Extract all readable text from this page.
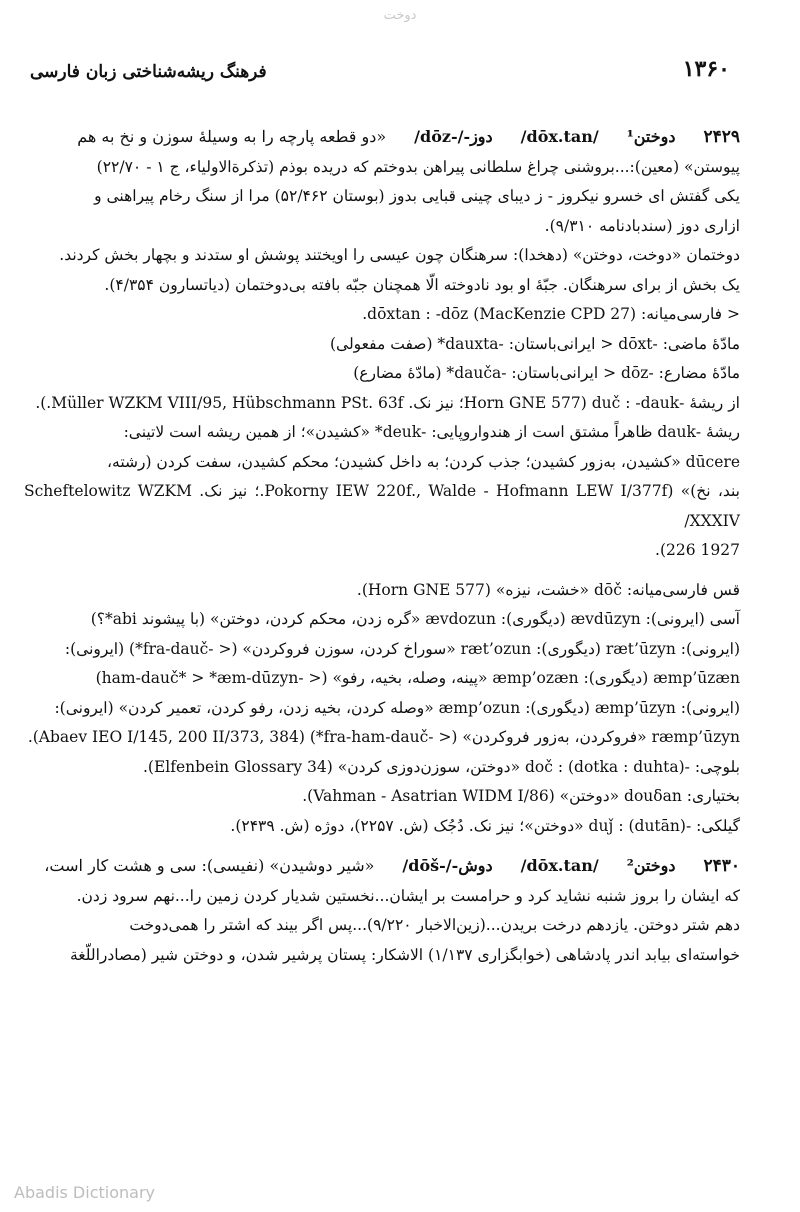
دوخت
۱۳۶۰
فرهنگ ریشه‌شناختی زبان فارسی
۲۴۲۹
دوختن¹
/dōx.tan/
دوز-/-dōz/
«دو قطعه پارچه را به وسیلهٔ سوزن و نخ به هم

پیوستن» (معین):...بروشنی چراغ سلطانی پیراهن بدوختم که دریده بوذم (تذکرة‌الاولیاء، ج ۱ - ۲۲/۷۰)

یکی گفتش ای خسرو نیکروز - ز دیبای چینی قبایی بدوز (بوستان ۵۲/۴۶۲) مرا از سنگ رخام پیراهنی و

ازاری دوز (سندبادنامه ۹/۳۱۰).

دوختمان «دوخت، دوختن» (دهخدا): سرهنگان چون عیسی را اویختند پوشش او ستدند و بچهار بخش کردند.

یک بخش از برای سرهنگان. جبّهٔ او بود نادوخته الّا همچنان جبّه بافته بی‌دوختمان (دیاتسارون ۴/۳۵۴).

< فارسی‌میانه: dōxtan : -dōz (MacKenzie CPD 27).

مادّهٔ ماضی: -dōxt < ایرانی‌باستان: -dauxta* (صفت مفعولی)

مادّهٔ مضارع: -dōz < ایرانی‌باستان: -dauča* (مادّهٔ مضارع)

از ریشهٔ -duč : -dauk (Horn GNE 577؛ نیز نک. Müller WZKM VIII/95, Hübschmann PSt. 63f.).

ریشهٔ -dauk ظاهراً مشتق است از هندواروپایی: -deuk* «کشیدن»؛ از همین ریشه است لاتینی:

dūcere «کشیدن، به‌زور کشیدن؛ جذب کردن؛ به داخل کشیدن؛ محکم کشیدن، سفت کردن (رشته،

بند، نخ)» (Pokorny IEW 220f., Walde - Hofmann LEW I/377f.؛ نیز نک. Scheftelowitz WZKM XXXIV/

1927 226).

قس فارسی‌میانه: dōč «خشت، نیزه» (Horn GNE 577).

آسی (ایرونی): ævdūzyn (دیگوری): ævdozun «گره زدن، محکم کردن، دوختن» (با پیشوند abi*؟)

(ایرونی): ræt’ūzyn (دیگوری): ræt’ozun «سوراخ کردن، سوزن فروکردن» (< -fra-dauč*) (ایرونی):

æmp’ūzæn (دیگوری): æmp’ozæn «پینه، وصله، بخیه، رفو» (< -ham-dauč* > *æm-dūzyn)

(ایرونی): æmp’ūzyn (دیگوری): æmp’ozun «وصله کردن، بخیه زدن، رفو کردن، تعمیر کردن» (ایرونی):

ræmp’ūzyn «فروکردن، به‌زور فروکردن» (< -fra-ham-dauč*) (Abaev IEO I/145, 200 II/373, 384).

بلوچی: -doč : (dotka : duhta) «دوختن، سوزن‌دوزی کردن» (Elfenbein Glossary 34).

بختیاری: douδan «دوختن» (Vahman - Asatrian WIDM I/86).

گیلکی: -duǰ : (dutān) «دوختن»؛ نیز نک. دُجُک (ش. ۲۲۵۷)، دوژه (ش. ۲۴۳۹).

۲۴۳۰
دوختن²
/dōx.tan/
دوش-/-dōš/
«شیر دوشیدن» (نفیسی): سی و هشت کار است،

که ایشان را بروز شنبه نشاید کرد و حرامست بر ایشان...نخستین شدیار کردن زمین را...نهم سرود زدن.

دهم شتر دوختن. یازدهم درخت بریدن...(زین‌الاخبار ۹/۲۲۰)...پس اگر بیند که اشتر را همی‌دوخت

خواسته‌ای بیابد اندر پادشاهی (خوابگزاری ۱/۱۳۷) الاشکار: پستان پرشیر شدن، و دوختن شیر (مصادراللّغة

Abadis Dictionary
